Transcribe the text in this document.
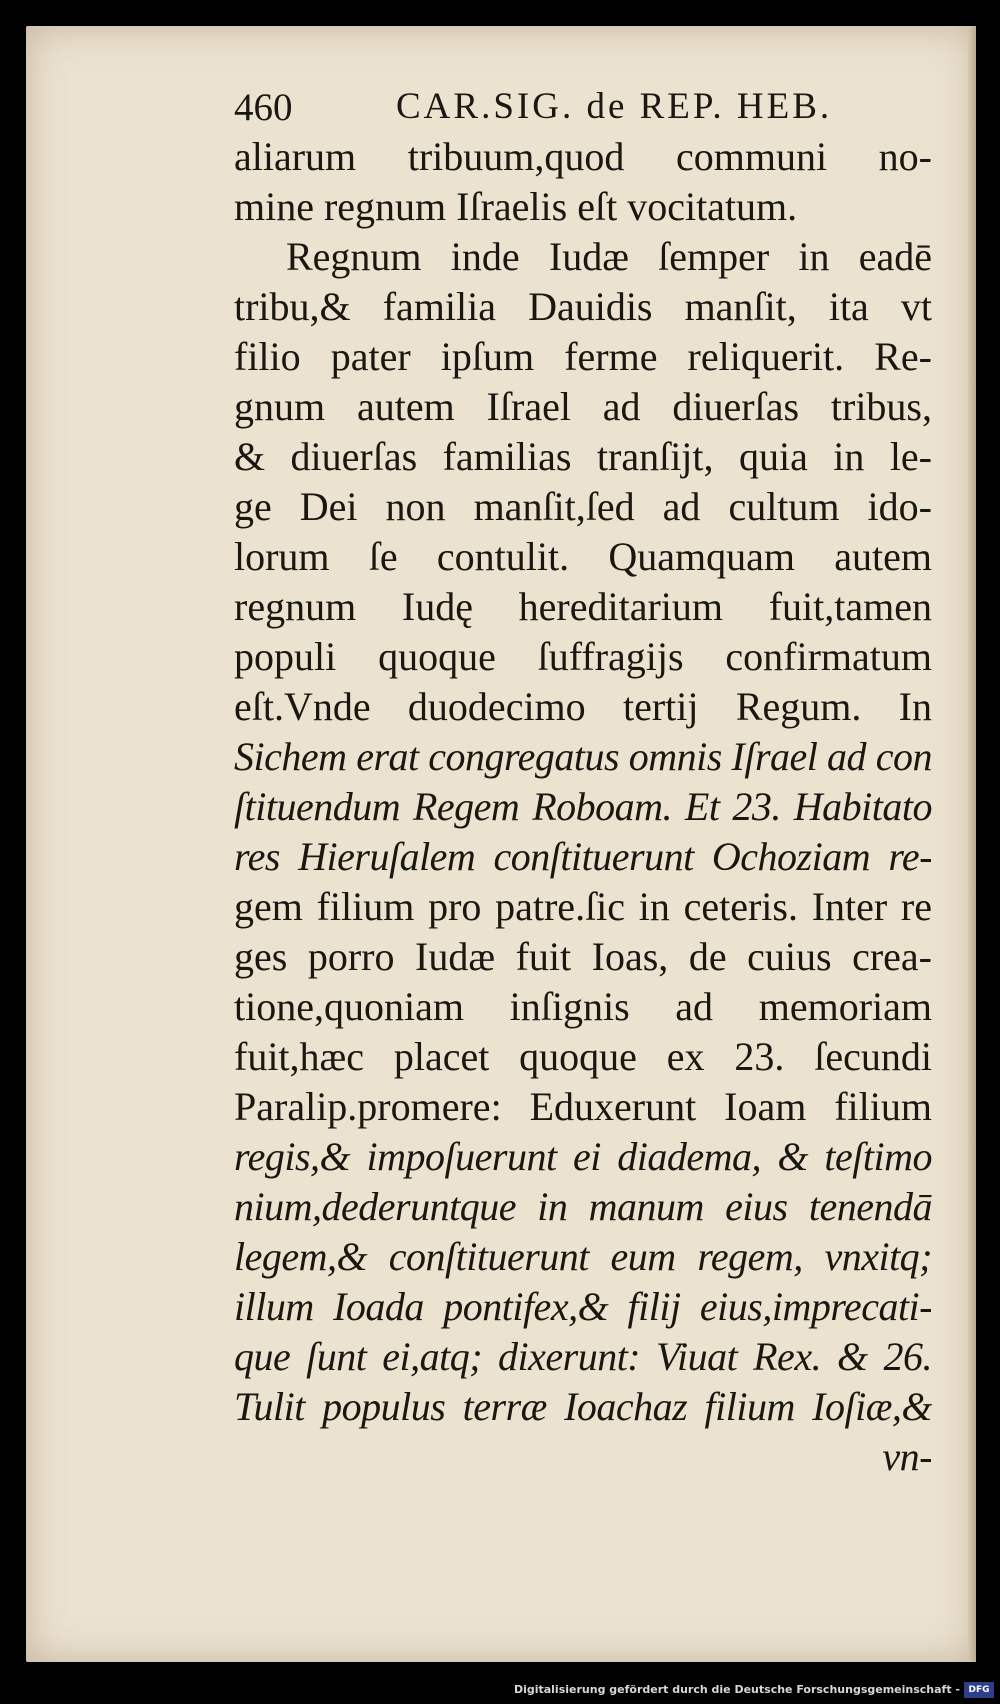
460	CAR.SIG. de REP. HEB.
aliarum tribuum,quod communi no-
mine regnum Iſraelis eſt vocitatum.
Regnum inde Iudæ ſemper in eadē
tribu,& familia Dauidis manſit, ita vt
filio pater ipſum ferme reliquerit. Re-
gnum autem Iſrael ad diuerſas tribus,
& diuerſas familias tranſijt, quia in le-
ge Dei non manſit,ſed ad cultum ido-
lorum ſe contulit. Quamquam autem
regnum Iudę hereditarium fuit,tamen
populi quoque ſuffragijs confirmatum
eſt.Vnde duodecimo tertij Regum. In
Sichem erat congregatus omnis Iſrael ad con
ſtituendum Regem Roboam. Et 23. Habitato
res Hieruſalem conſtituerunt Ochoziam re-
gem filium pro patre.ſic in ceteris. Inter re
ges porro Iudæ fuit Ioas, de cuius crea-
tione,quoniam inſignis ad memoriam
fuit,hæc placet quoque ex 23. ſecundi
Paralip.promere: Eduxerunt Ioam filium
regis,& impoſuerunt ei diadema, & teſtimo
nium,dederuntque in manum eius tenendā
legem,& conſtituerunt eum regem, vnxitq;
illum Ioada pontifex,& filij eius,imprecati-
que ſunt ei,atq; dixerunt: Viuat Rex. & 26.
Tulit populus terræ Ioachaz filium Ioſiæ,&
vn-
Digitalisierung gefördert durch die Deutsche Forschungsgemeinschaft - DFG
